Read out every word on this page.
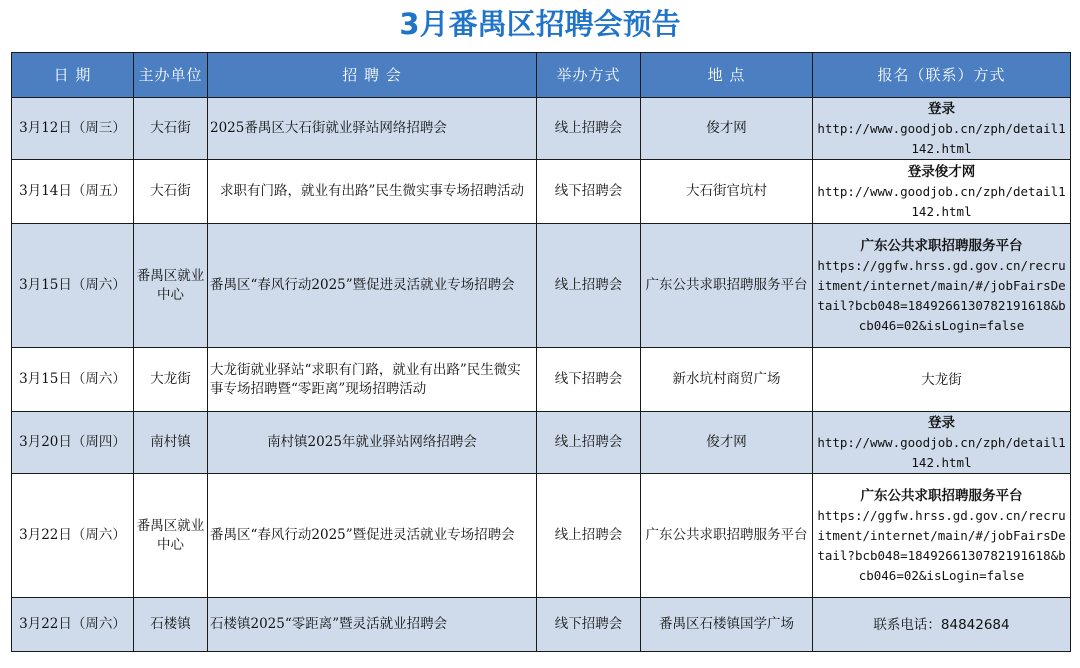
3月番禺区招聘会预告
日 期	主办单位	招 聘 会	举办方式	地 点	报名（联系）方式
3月12日（周三）	大石街	2025番禺区大石街就业驿站网络招聘会	线上招聘会	俊才网	登录
http://www.goodjob.cn/zph/detail1142.html

3月14日（周五）	大石街	求职有门路，就业有出路”民生微实事专场招聘活动	线下招聘会	大石街官坑村	登录俊才网
http://www.goodjob.cn/zph/detail1142.html

3月15日（周六）	番禺区就业中心	番禺区“春风行动2025”暨促进灵活就业专场招聘会	线上招聘会	广东公共求职招聘服务平台	广东公共求职招聘服务平台
https://ggfw.hrss.gd.gov.cn/recruitment/internet/main/#/jobFairsDetail?bcb048=1849266130782191618&bcb046=02&isLogin=false

3月15日（周六）	大龙街	大龙街就业驿站“求职有门路，就业有出路”民生微实事专场招聘暨“零距离”现场招聘活动	线下招聘会	新水坑村商贸广场	大龙街

3月20日（周四）	南村镇	南村镇2025年就业驿站网络招聘会	线上招聘会	俊才网	登录
http://www.goodjob.cn/zph/detail1142.html

3月22日（周六）	番禺区就业中心	番禺区“春风行动2025”暨促进灵活就业专场招聘会	线上招聘会	广东公共求职招聘服务平台	广东公共求职招聘服务平台
https://ggfw.hrss.gd.gov.cn/recruitment/internet/main/#/jobFairsDetail?bcb048=1849266130782191618&bcb046=02&isLogin=false

3月22日（周六）	石楼镇	石楼镇2025“零距离”暨灵活就业招聘会	线下招聘会	番禺区石楼镇国学广场	联系电话：84842684
